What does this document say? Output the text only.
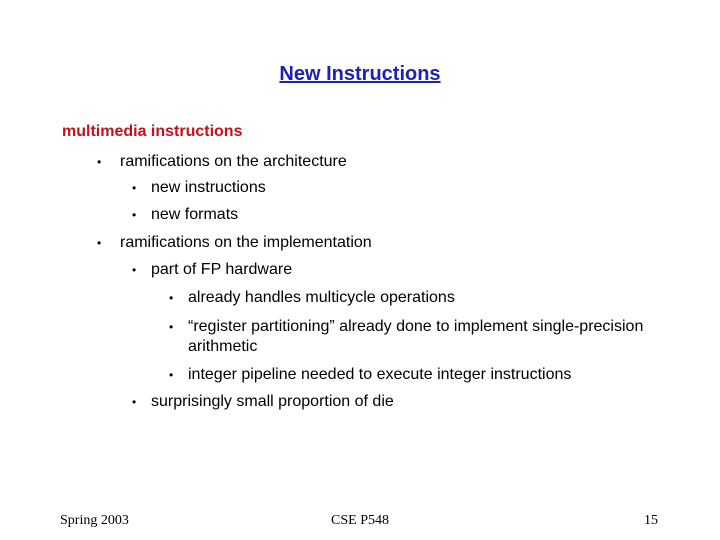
New Instructions
multimedia instructions
• ramifications on the architecture
• new instructions
• new formats
• ramifications on the implementation
• part of FP hardware
• already handles multicycle operations
• “register partitioning” already done to implement single-precision arithmetic
• integer pipeline needed to execute integer instructions
• surprisingly small proportion of die
Spring 2003	CSE P548	15
